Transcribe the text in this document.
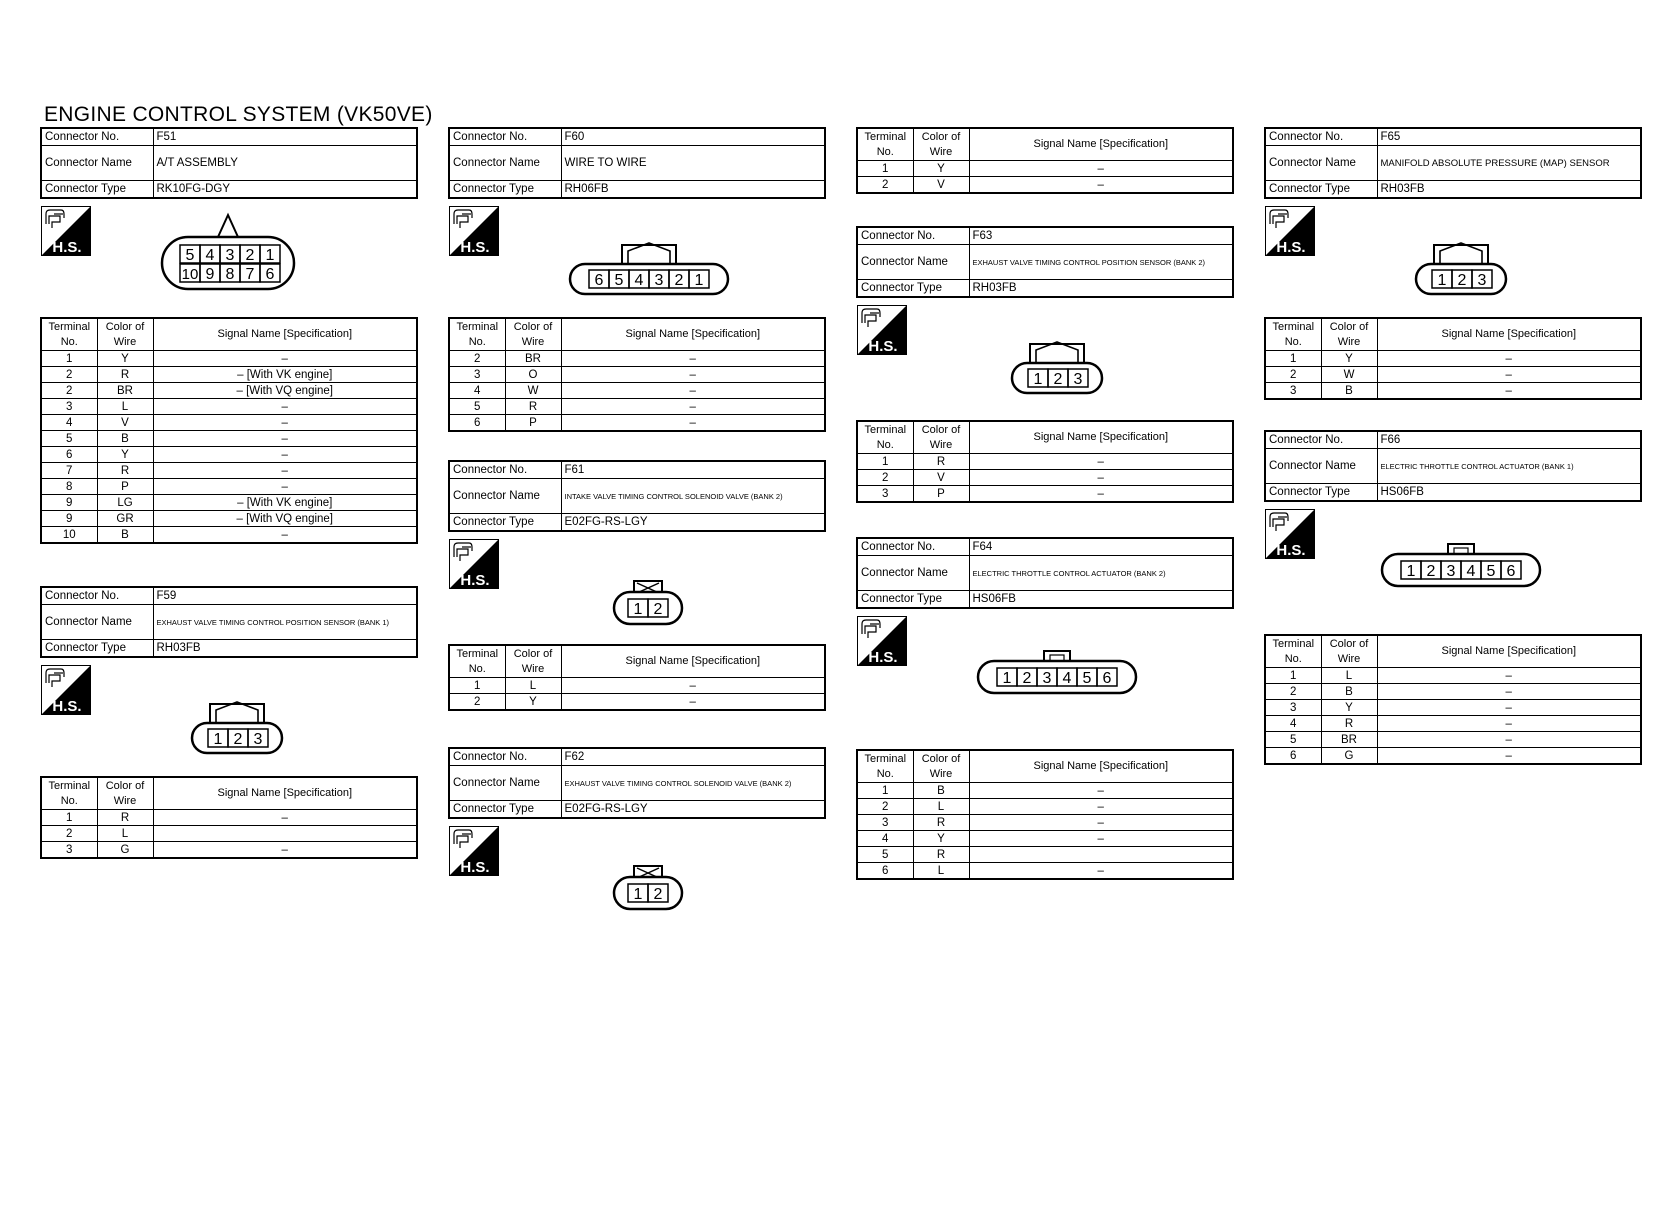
ENGINE CONTROL SYSTEM (VK50VE)
Connector No.	F51
Connector Name	A/T ASSEMBLY
Connector Type	RK10FG-DGY
H.S.	5 4 3 2 1
10 9 8 7 6
Terminal No.	Color of Wire	Signal Name [Specification]
1	Y	–
2	R	– [With VK engine]
2	BR	– [With VQ engine]
3	L	–
4	V	–
5	B	–
6	Y	–
7	R	–
8	P	–
9	LG	– [With VK engine]
9	GR	– [With VQ engine]
10	B	–
Connector No.	F59
Connector Name	EXHAUST VALVE TIMING CONTROL POSITION SENSOR (BANK 1)
Connector Type	RH03FB
H.S.
1 2 3
Terminal No.	Color of Wire	Signal Name [Specification]
1	R	–
2	L	
3	G	–
Connector No.	F60
Connector Name	WIRE TO WIRE
Connector Type	RH06FB
H.S.
6 5 4 3 2 1
Terminal No.	Color of Wire	Signal Name [Specification]
2	BR	–
3	O	–
4	W	–
5	R	–
6	P	–
Connector No.	F61
Connector Name	INTAKE VALVE TIMING CONTROL SOLENOID VALVE (BANK 2)
Connector Type	E02FG-RS-LGY
H.S.
1 2
Terminal No.	Color of Wire	Signal Name [Specification]
1	L	–
2	Y	–
Connector No.	F62
Connector Name	EXHAUST VALVE TIMING CONTROL SOLENOID VALVE (BANK 2)
Connector Type	E02FG-RS-LGY
H.S.
1 2
Terminal No.	Color of Wire	Signal Name [Specification]
1	Y	–
2	V	–
Connector No.	F63
Connector Name	EXHAUST VALVE TIMING CONTROL POSITION SENSOR (BANK 2)
Connector Type	RH03FB
H.S.
1 2 3
Terminal No.	Color of Wire	Signal Name [Specification]
1	R	–
2	V	–
3	P	–
Connector No.	F64
Connector Name	ELECTRIC THROTTLE CONTROL ACTUATOR (BANK 2)
Connector Type	HS06FB
H.S.
1 2 3 4 5 6
Terminal No.	Color of Wire	Signal Name [Specification]
1	B	–
2	L	–
3	R	–
4	Y	–
5	R	
6	L	–
Connector No.	F65
Connector Name	MANIFOLD ABSOLUTE PRESSURE (MAP) SENSOR
Connector Type	RH03FB
H.S.
1 2 3
Terminal No.	Color of Wire	Signal Name [Specification]
1	Y	–
2	W	–
3	B	–
Connector No.	F66
Connector Name	ELECTRIC THROTTLE CONTROL ACTUATOR (BANK 1)
Connector Type	HS06FB
H.S.
1 2 3 4 5 6
Terminal No.	Color of Wire	Signal Name [Specification]
1	L	–
2	B	–
3	Y	–
4	R	–
5	BR	–
6	G	–
